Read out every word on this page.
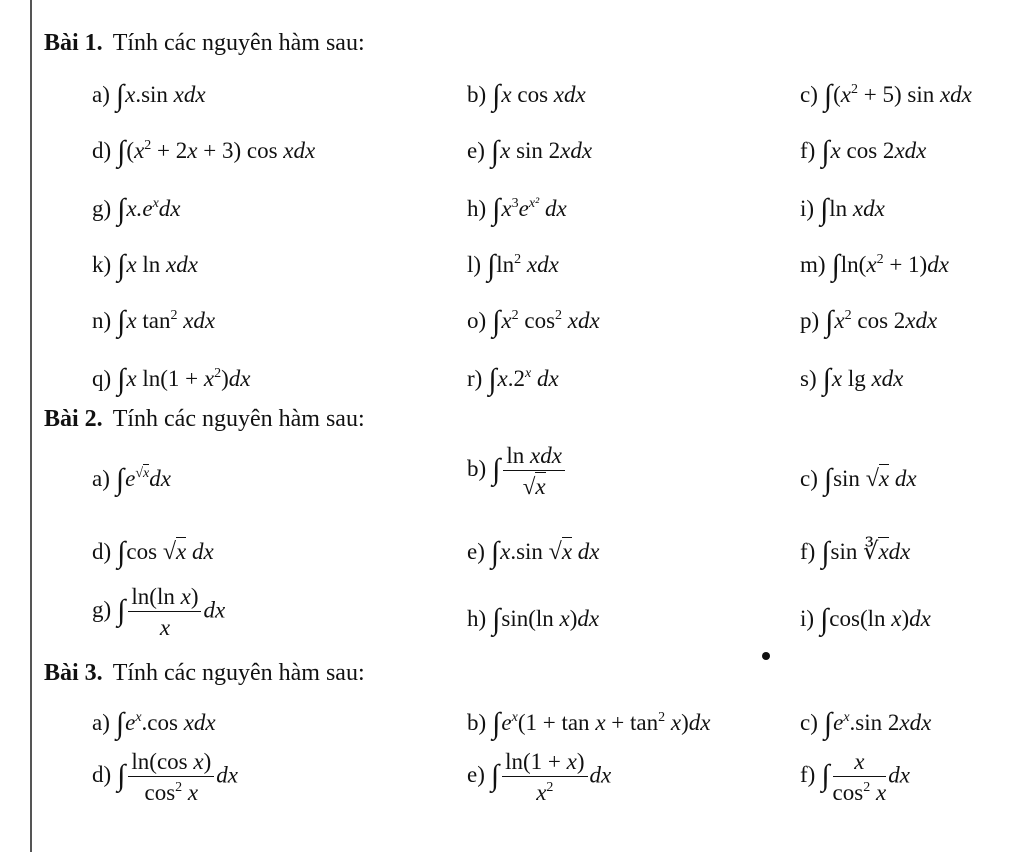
Bài 1. Tính các nguyên hàm sau:
a) ∫x.sin xdx	b) ∫x cos xdx	c) $\int(x^2 + 5)$ sin xdx
d) $\int(x^2 + 2x + 3)$ cos xdx	e) ∫x sin 2xdx	f) ∫x cos 2xdx
g) $\int x.e^xdx$	h) $\int x^3e^{x^2}$ dx	i) ∫ln xdx
k) ∫x ln xdx	l) $\int\ln^2$ xdx	m) $\int\ln(x^2 + 1)dx$
n) ∫x $\tan^2$ xdx	o) $\int x^2$ $\cos^2$ xdx	p) $\int x^2$ cos 2xdx
q) ∫x $\ln(1 + x^2)dx$	r) ∫x.2$^x$ dx	s) ∫x lg xdx
Bài 2. Tính các nguyên hàm sau:
a) $\int e^{√x}dx$	b) ∫ $\frac{\text{ln xdx}}{√x}$	c) ∫sin √x dx
d) ∫cos √x dx	e) ∫x.sin √x dx	f) ∫sin ∛xdx
g) ∫ $\frac{\text{ln(ln x)}}{x}$ dx	h) ∫sin(ln x)dx	i) ∫cos(ln x)dx
Bài 3. Tính các nguyên hàm sau:
a) $\int e^x.\cos$ xdx	b) $\int e^x(1 + \tan x + \tan^2 x)dx$	c) $\int e^x.\sin$ 2xdx
d) ∫ $\frac{\text{ln(cos x)}}{\cos^2 x}$ dx	e) ∫ $\frac{\ln(1 + x)}{x^2}$ dx	f) ∫ $\frac{x}{\cos^2 x}$ dx
